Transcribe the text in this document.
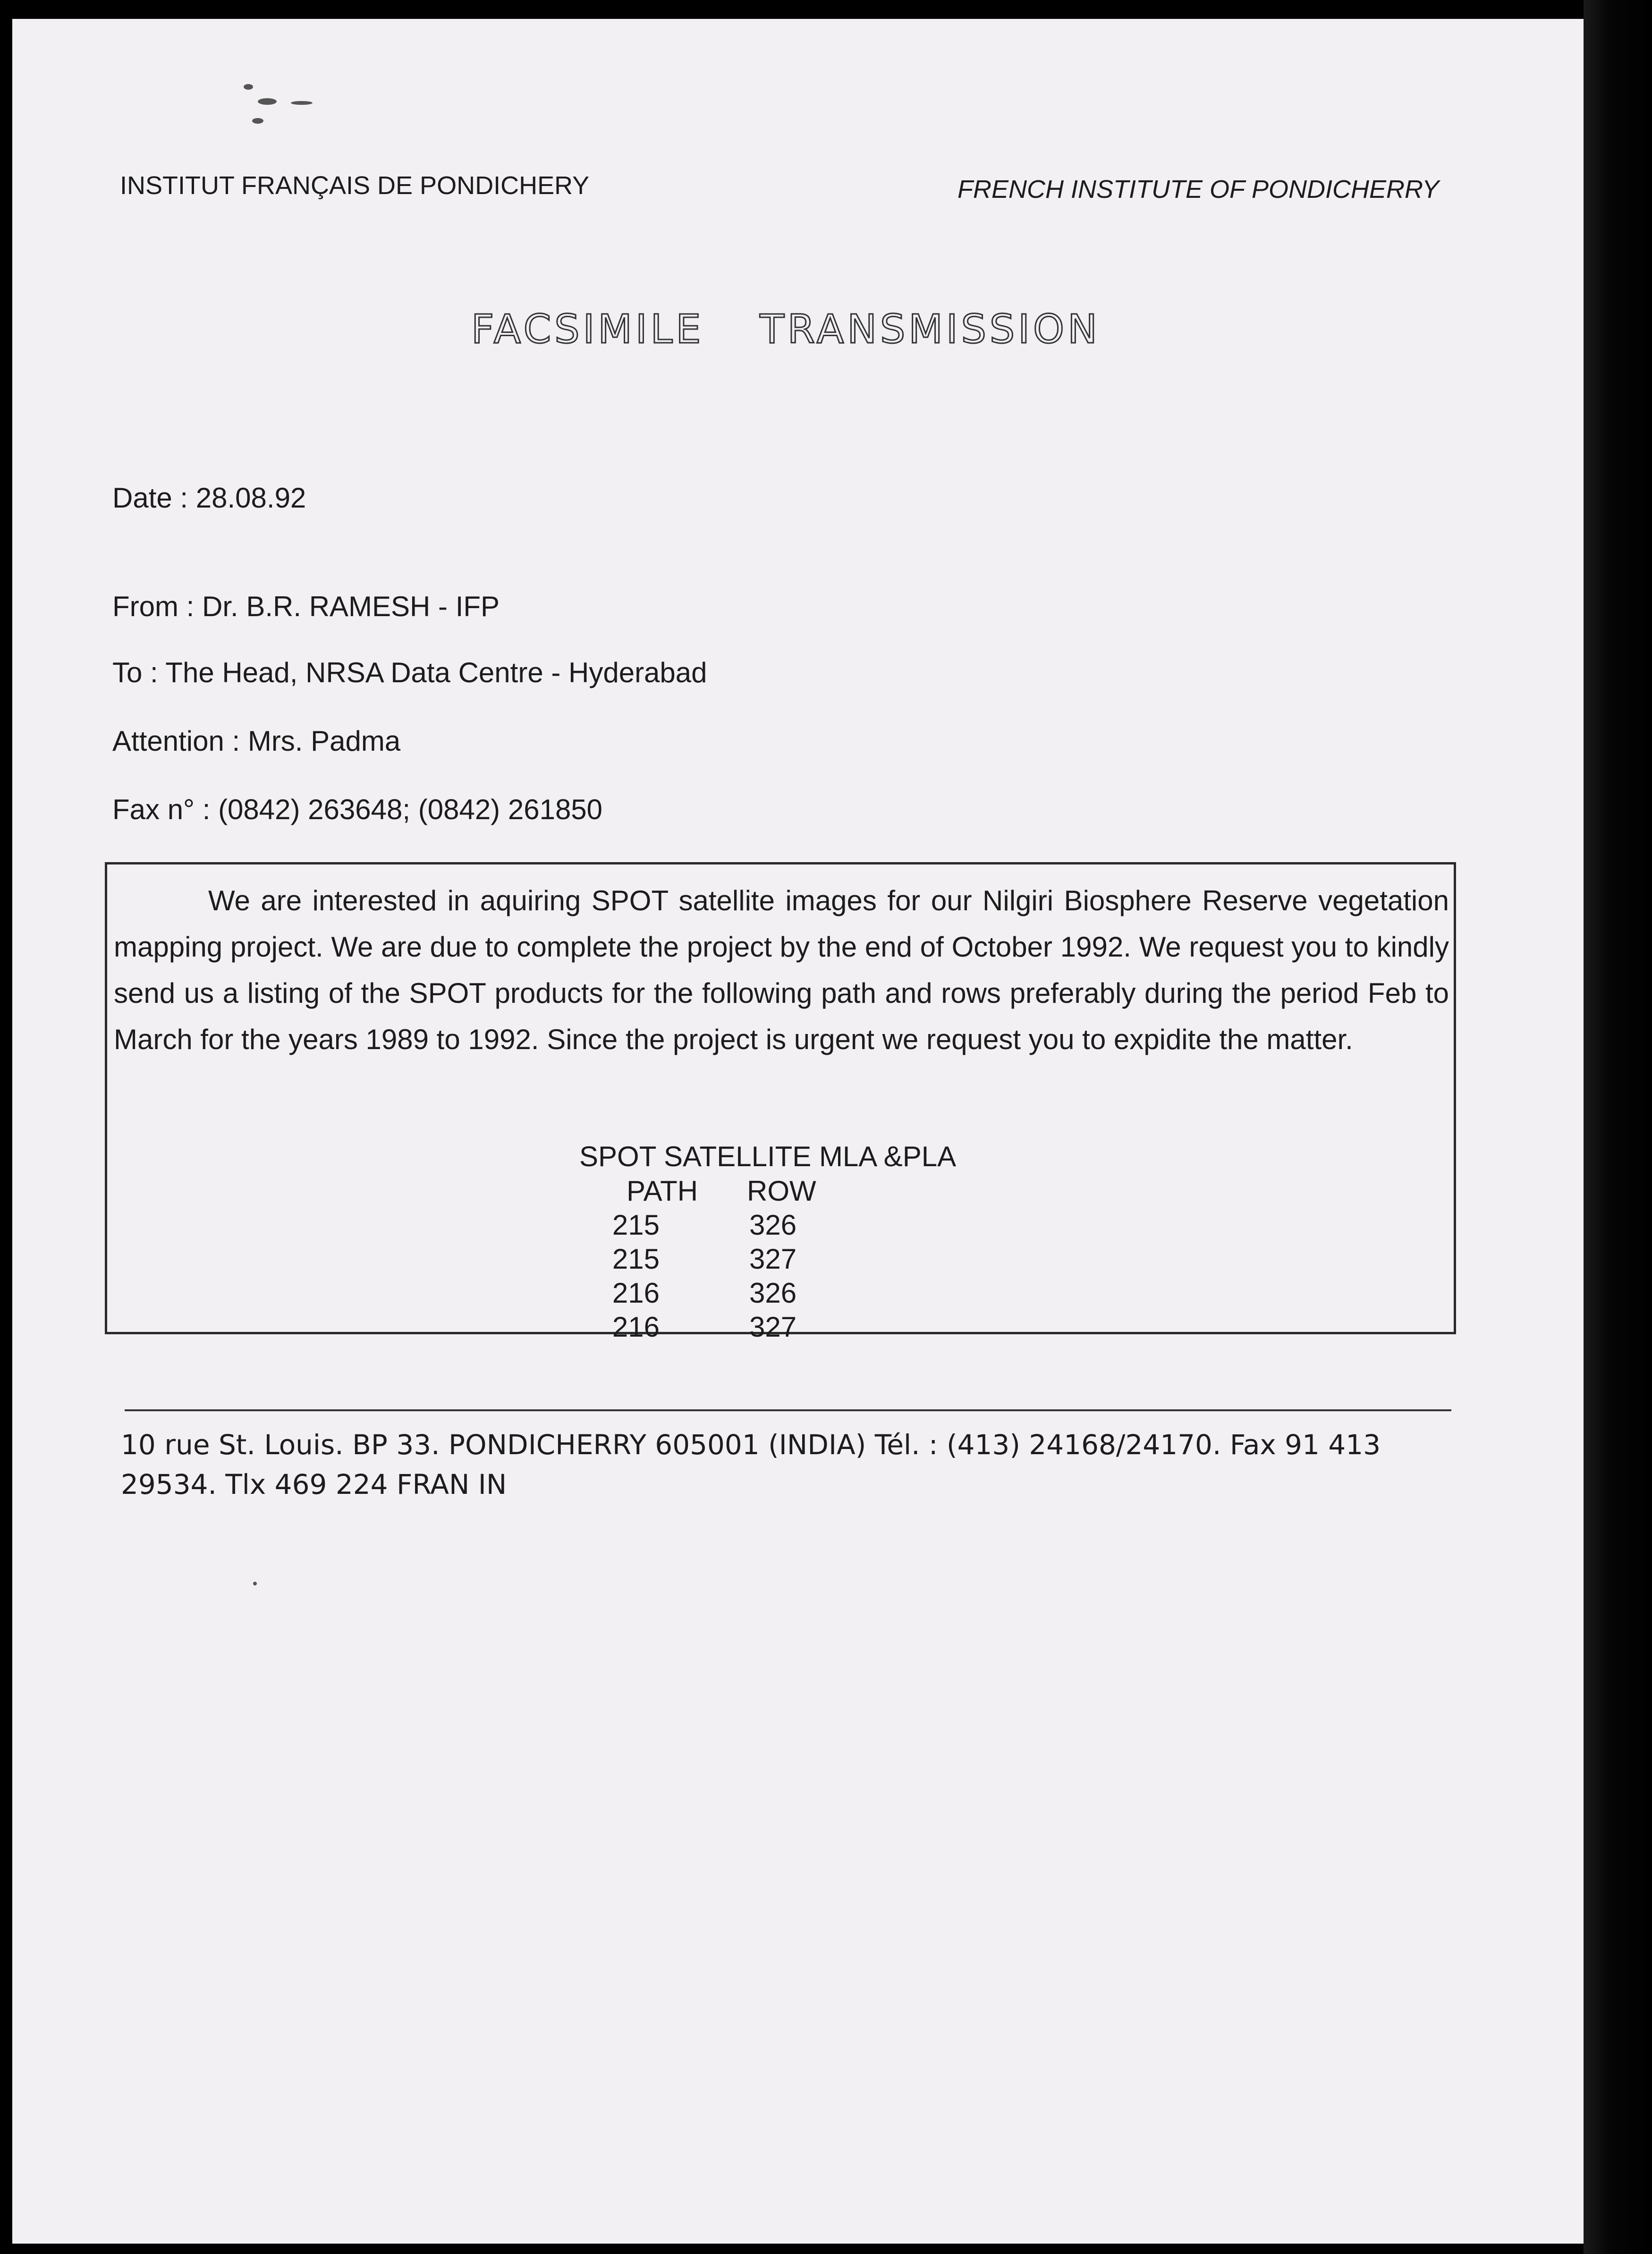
INSTITUT FRANÇAIS DE PONDICHERY	FRENCH INSTITUTE OF PONDICHERRY
FACSIMILE TRANSMISSION
Date : 28.08.92
From : Dr. B.R. RAMESH - IFP
To : The Head, NRSA Data Centre - Hyderabad
Attention : Mrs. Padma
Fax n° : (0842) 263648; (0842) 261850
We are interested in aquiring SPOT satellite images for our Nilgiri Biosphere Reserve vegetation mapping project. We are due to complete the project by the end of October 1992. We request you to kindly send us a listing of the SPOT products for the following path and rows preferably during the period Feb to March for the years 1989 to 1992. Since the project is urgent we request you to expidite the matter.
SPOT SATELLITE MLA &PLA
PATH	ROW
215	326
215	327
216	326
216	327
10 rue St. Louis. BP 33. PONDICHERRY 605001 (INDIA) Tél. : (413) 24168/24170. Fax 91 413 29534. Tlx 469 224 FRAN IN
